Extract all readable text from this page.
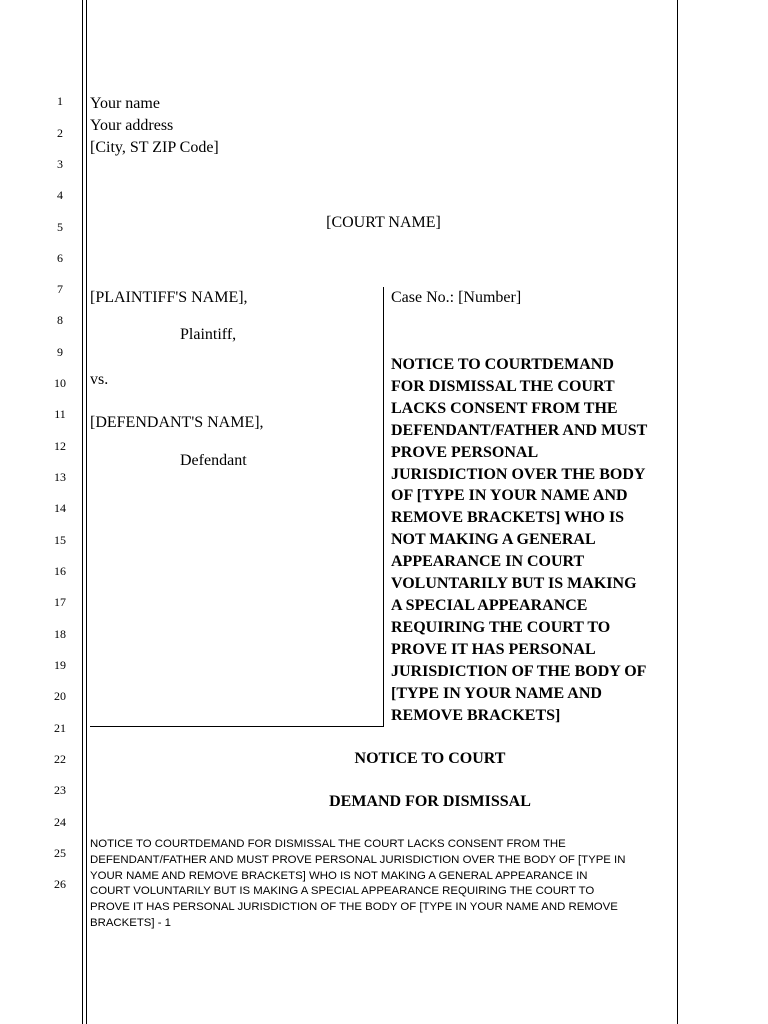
1
2
3
4
5
6
7
8
9
10
11
12
13
14
15
16
17
18
19
20
21
22
23
24
25
26
Your name
Your address
[City, ST ZIP Code]
[COURT NAME]
[PLAINTIFF'S NAME],
Plaintiff,
vs.
[DEFENDANT'S NAME],
Defendant
Case No.: [Number]
NOTICE TO COURTDEMAND
FOR DISMISSAL THE COURT
LACKS CONSENT FROM THE
DEFENDANT/FATHER AND MUST
PROVE PERSONAL
JURISDICTION OVER THE BODY
OF [TYPE IN YOUR NAME AND
REMOVE BRACKETS] WHO IS
NOT MAKING A GENERAL
APPEARANCE IN COURT
VOLUNTARILY BUT IS MAKING
A SPECIAL APPEARANCE
REQUIRING THE COURT TO
PROVE IT HAS PERSONAL
JURISDICTION OF THE BODY OF
[TYPE IN YOUR NAME AND
REMOVE BRACKETS]
NOTICE TO COURT
DEMAND FOR DISMISSAL
NOTICE TO COURTDEMAND FOR DISMISSAL THE COURT LACKS CONSENT FROM THE
DEFENDANT/FATHER AND MUST PROVE PERSONAL JURISDICTION OVER THE BODY OF [TYPE IN
YOUR NAME AND REMOVE BRACKETS] WHO IS NOT MAKING A GENERAL APPEARANCE IN
COURT VOLUNTARILY BUT IS MAKING A SPECIAL APPEARANCE REQUIRING THE COURT TO
PROVE IT HAS PERSONAL JURISDICTION OF THE BODY OF [TYPE IN YOUR NAME AND REMOVE
BRACKETS] - 1
